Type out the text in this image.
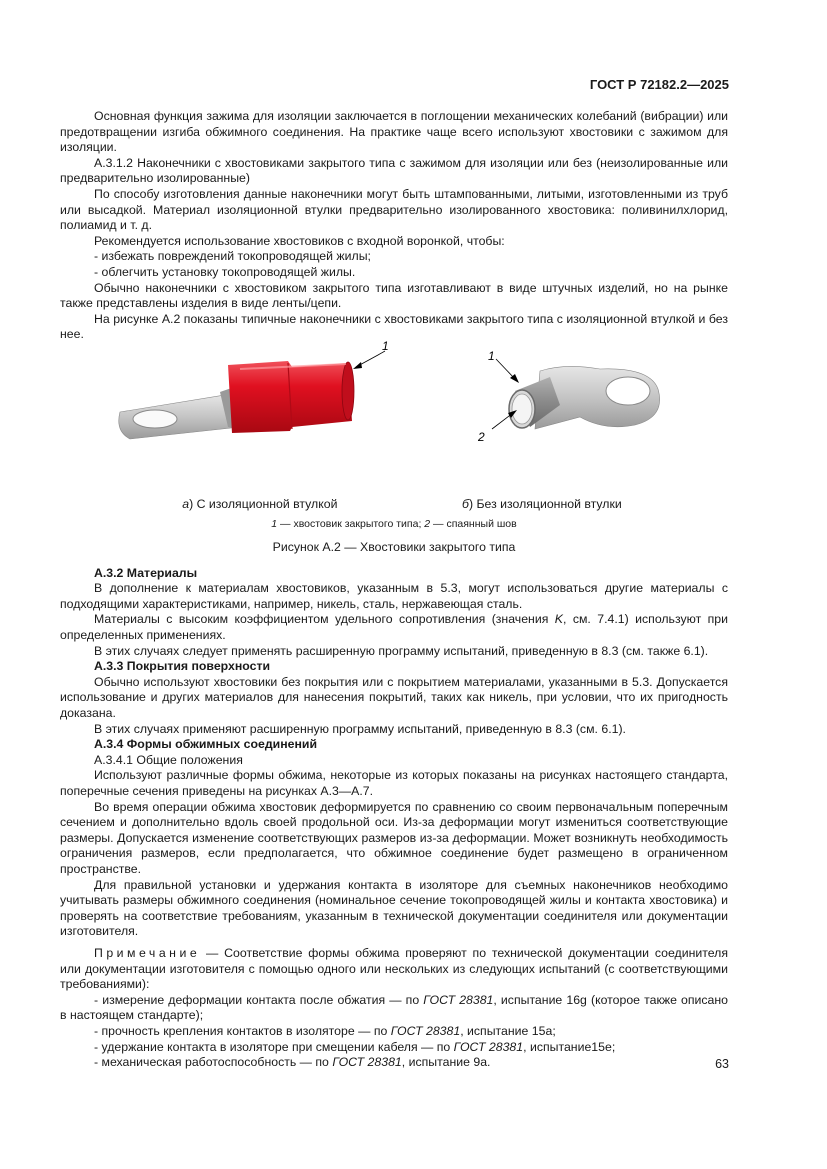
ГОСТ Р 72182.2—2025

Основная функция зажима для изоляции заключается в поглощении механических колебаний (вибрации) или предотвращении изгиба обжимного соединения. На практике чаще всего используют хвостовики с зажимом для изоляции.

А.3.1.2 Наконечники с хвостовиками закрытого типа с зажимом для изоляции или без (неизолированные или предварительно изолированные)

По способу изготовления данные наконечники могут быть штампованными, литыми, изготовленными из труб или высадкой. Материал изоляционной втулки предварительно изолированного хвостовика: поливинилхлорид, полиамид и т. д.

Рекомендуется использование хвостовиков с входной воронкой, чтобы:

- избежать повреждений токопроводящей жилы;

- облегчить установку токопроводящей жилы.

Обычно наконечники с хвостовиком закрытого типа изготавливают в виде штучных изделий, но на рынке также представлены изделия в виде ленты/цепи.

На рисунке А.2 показаны типичные наконечники с хвостовиками закрытого типа с изоляционной втулкой и без нее.

1
1
2
а) С изоляционной втулкой	б) Без изоляционной втулки
1 — хвостовик закрытого типа; 2 — спаянный шов
Рисунок А.2 — Хвостовики закрытого типа

А.3.2 Материалы

В дополнение к материалам хвостовиков, указанным в 5.3, могут использоваться другие материалы с подходящими характеристиками, например, никель, сталь, нержавеющая сталь.

Материалы с высоким коэффициентом удельного сопротивления (значения K, см. 7.4.1) используют при определенных применениях.

В этих случаях следует применять расширенную программу испытаний, приведенную в 8.3 (см. также 6.1).

А.3.3 Покрытия поверхности

Обычно используют хвостовики без покрытия или с покрытием материалами, указанными в 5.3. Допускается использование и других материалов для нанесения покрытий, таких как никель, при условии, что их пригодность доказана.

В этих случаях применяют расширенную программу испытаний, приведенную в 8.3 (см. 6.1).

А.3.4 Формы обжимных соединений

А.3.4.1 Общие положения

Используют различные формы обжима, некоторые из которых показаны на рисунках настоящего стандарта, поперечные сечения приведены на рисунках А.3—А.7.

Во время операции обжима хвостовик деформируется по сравнению со своим первоначальным поперечным сечением и дополнительно вдоль своей продольной оси. Из-за деформации могут измениться соответствующие размеры. Допускается изменение соответствующих размеров из-за деформации. Может возникнуть необходимость ограничения размеров, если предполагается, что обжимное соединение будет размещено в ограниченном пространстве.

Для правильной установки и удержания контакта в изоляторе для съемных наконечников необходимо учитывать размеры обжимного соединения (номинальное сечение токопроводящей жилы и контакта хвостовика) и проверять на соответствие требованиям, указанным в технической документации соединителя или документации изготовителя.

Примечание — Соответствие формы обжима проверяют по технической документации соединителя или документации изготовителя с помощью одного или нескольких из следующих испытаний (с соответствующими требованиями):

- измерение деформации контакта после обжатия — по ГОСТ 28381, испытание 16g (которое также описано в настоящем стандарте);

- прочность крепления контактов в изоляторе — по ГОСТ 28381, испытание 15a;

- удержание контакта в изоляторе при смещении кабеля — по ГОСТ 28381, испытание15e;

- механическая работоспособность — по ГОСТ 28381, испытание 9a.	63
